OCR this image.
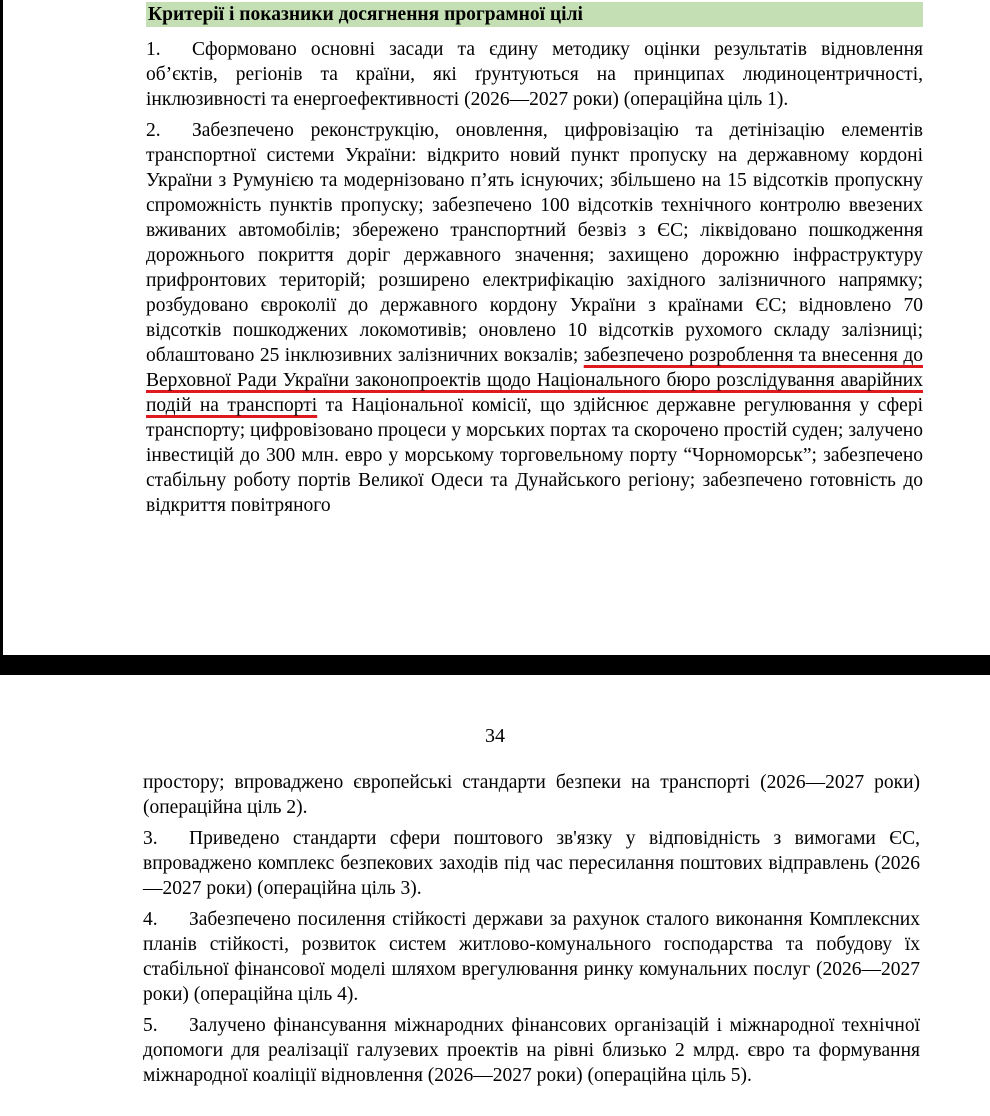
Критерії і показники досягнення програмної цілі

1. Сформовано основні засади та єдину методику оцінки результатів відновлення об’єктів, регіонів та країни, які ґрунтуються на принципах людиноцентричності, інклюзивності та енергоефективності (2026—2027 роки) (операційна ціль 1).

2. Забезпечено реконструкцію, оновлення, цифровізацію та детінізацію елементів транспортної системи України: відкрито новий пункт пропуску на державному кордоні України з Румунією та модернізовано п’ять існуючих; збільшено на 15 відсотків пропускну спроможність пунктів пропуску; забезпечено 100 відсотків технічного контролю ввезених вживаних автомобілів; збережено транспортний безвіз з ЄС; ліквідовано пошкодження дорожнього покриття доріг державного значення; захищено дорожню інфраструктуру прифронтових територій; розширено електрифікацію західного залізничного напрямку; розбудовано євроколії до державного кордону України з країнами ЄС; відновлено 70 відсотків пошкоджених локомотивів; оновлено 10 відсотків рухомого складу залізниці; облаштовано 25 інклюзивних залізничних вокзалів; забезпечено розроблення та внесення до Верховної Ради України законопроектів щодо Національного бюро розслідування аварійних подій на транспорті та Національної комісії, що здійснює державне регулювання у сфері транспорту; цифровізовано процеси у морських портах та скорочено простій суден; залучено інвестицій до 300 млн. евро у морському торговельному порту “Чорноморськ”; забезпечено стабільну роботу портів Великої Одеси та Дунайського регіону; забезпечено готовність до відкриття повітряного

34

простору; впроваджено європейські стандарти безпеки на транспорті (2026—2027 роки) (операційна ціль 2).

3. Приведено стандарти сфери поштового зв'язку у відповідність з вимогами ЄС, впроваджено комплекс безпекових заходів під час пересилання поштових відправлень (2026—2027 роки) (операційна ціль 3).

4. Забезпечено посилення стійкості держави за рахунок сталого виконання Комплексних планів стійкості, розвиток систем житлово-комунального господарства та побудову їх стабільної фінансової моделі шляхом врегулювання ринку комунальних послуг (2026—2027 роки) (операційна ціль 4).

5. Залучено фінансування міжнародних фінансових організацій і міжнародної технічної допомоги для реалізації галузевих проектів на рівні близько 2 млрд. євро та формування міжнародної коаліції відновлення (2026—2027 роки) (операційна ціль 5).
